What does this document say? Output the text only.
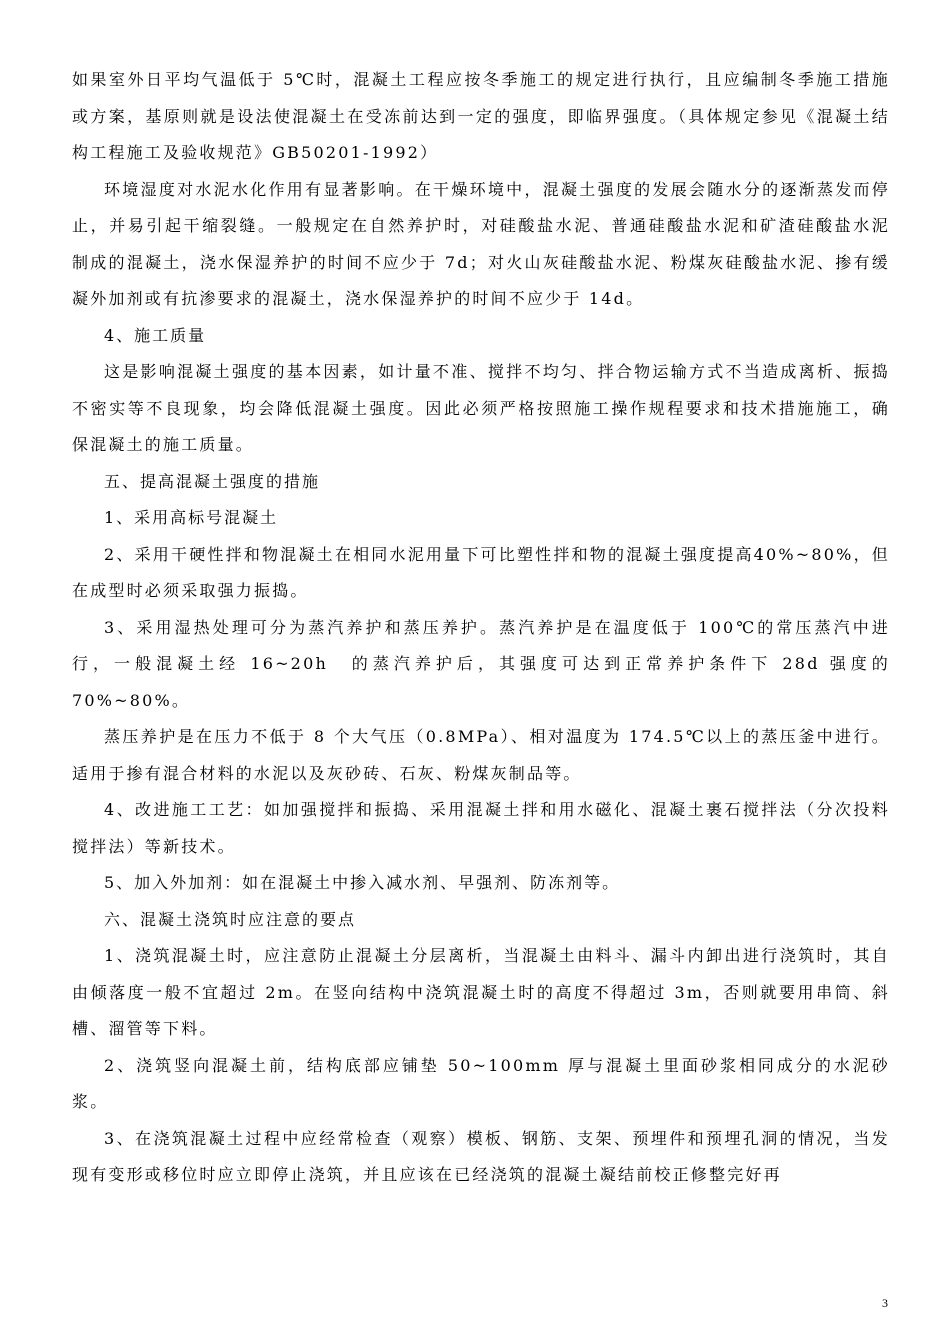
如果室外日平均气温低于 5℃时，混凝土工程应按冬季施工的规定进行执行，且应编制冬季施工措施或方案，基原则就是设法使混凝土在受冻前达到一定的强度，即临界强度。（具体规定参见《混凝土结构工程施工及验收规范》GB50201-1992）

环境湿度对水泥水化作用有显著影响。在干燥环境中，混凝土强度的发展会随水分的逐渐蒸发而停止，并易引起干缩裂缝。一般规定在自然养护时，对硅酸盐水泥、普通硅酸盐水泥和矿渣硅酸盐水泥制成的混凝土，浇水保湿养护的时间不应少于 7d；对火山灰硅酸盐水泥、粉煤灰硅酸盐水泥、掺有缓凝外加剂或有抗渗要求的混凝土，浇水保湿养护的时间不应少于 14d。

4、施工质量

这是影响混凝土强度的基本因素，如计量不准、搅拌不均匀、拌合物运输方式不当造成离析、振捣不密实等不良现象，均会降低混凝土强度。因此必须严格按照施工操作规程要求和技术措施施工，确保混凝土的施工质量。

五、提高混凝土强度的措施

1、采用高标号混凝土

2、采用干硬性拌和物混凝土在相同水泥用量下可比塑性拌和物的混凝土强度提高40%~80%，但在成型时必须采取强力振捣。

3、采用湿热处理可分为蒸汽养护和蒸压养护。蒸汽养护是在温度低于 100℃的常压蒸汽中进行，一般混凝土经 16~20h　的蒸汽养护后，其强度可达到正常养护条件下 28d 强度的70%~80%。

蒸压养护是在压力不低于 8 个大气压（0.8MPa）、相对温度为 174.5℃以上的蒸压釜中进行。适用于掺有混合材料的水泥以及灰砂砖、石灰、粉煤灰制品等。

4、改进施工工艺：如加强搅拌和振捣、采用混凝土拌和用水磁化、混凝土裹石搅拌法（分次投料搅拌法）等新技术。

5、加入外加剂：如在混凝土中掺入减水剂、早强剂、防冻剂等。

六、混凝土浇筑时应注意的要点

1、浇筑混凝土时，应注意防止混凝土分层离析，当混凝土由料斗、漏斗内卸出进行浇筑时，其自由倾落度一般不宜超过 2m。在竖向结构中浇筑混凝土时的高度不得超过 3m，否则就要用串筒、斜槽、溜管等下料。

2、浇筑竖向混凝土前，结构底部应铺垫 50~100mm 厚与混凝土里面砂浆相同成分的水泥砂浆。

3、在浇筑混凝土过程中应经常检查（观察）模板、钢筋、支架、预埋件和预埋孔洞的情况，当发现有变形或移位时应立即停止浇筑，并且应该在已经浇筑的混凝土凝结前校正修整完好再

3
